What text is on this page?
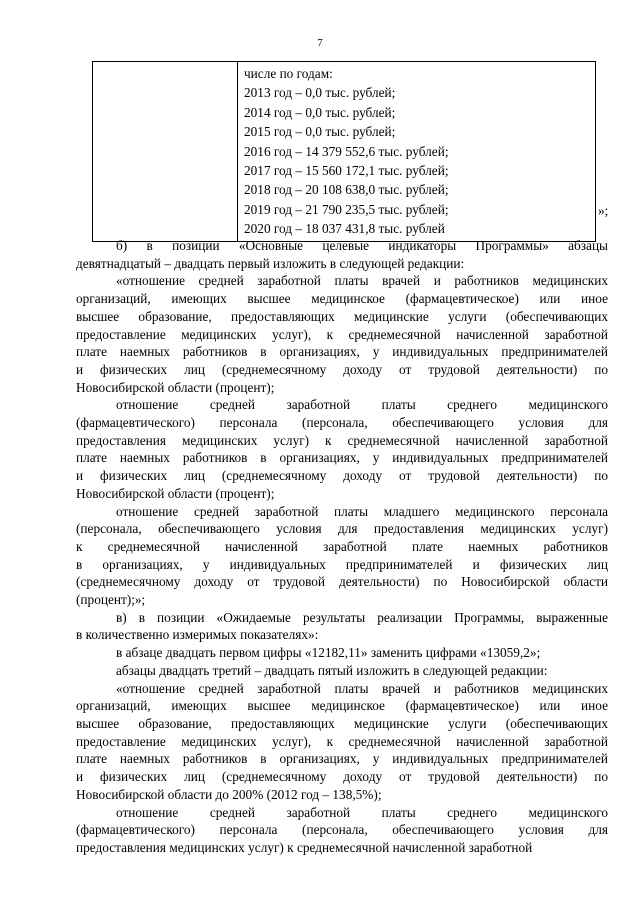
7

числе по годам:
2013 год – 0,0 тыс. рублей;
2014 год – 0,0 тыс. рублей;
2015 год – 0,0 тыс. рублей;
2016 год – 14 379 552,6 тыс. рублей;
2017 год – 15 560 172,1 тыс. рублей;
2018 год – 20 108 638,0 тыс. рублей;
2019 год – 21 790 235,5 тыс. рублей;
2020 год – 18 037 431,8 тыс. рублей
»;

б) в позиции «Основные целевые индикаторы Программы» абзацы
девятнадцатый – двадцать первый изложить в следующей редакции:

«отношение средней заработной платы врачей и работников медицинских
организаций, имеющих высшее медицинское (фармацевтическое) или иное
высшее образование, предоставляющих медицинские услуги (обеспечивающих
предоставление медицинских услуг), к среднемесячной начисленной заработной
плате наемных работников в организациях, у индивидуальных предпринимателей
и физических лиц (среднемесячному доходу от трудовой деятельности) по
Новосибирской области (процент);

отношение средней заработной платы среднего медицинского
(фармацевтического) персонала (персонала, обеспечивающего условия для
предоставления медицинских услуг) к среднемесячной начисленной заработной
плате наемных работников в организациях, у индивидуальных предпринимателей
и физических лиц (среднемесячному доходу от трудовой деятельности) по
Новосибирской области (процент);

отношение средней заработной платы младшего медицинского персонала
(персонала, обеспечивающего условия для предоставления медицинских услуг)
к среднемесячной начисленной заработной плате наемных работников
в организациях, у индивидуальных предпринимателей и физических лиц
(среднемесячному доходу от трудовой деятельности) по Новосибирской области
(процент);»;

в) в позиции «Ожидаемые результаты реализации Программы, выраженные
в количественно измеримых показателях»:

в абзаце двадцать первом цифры «12182,11» заменить цифрами «13059,2»;

абзацы двадцать третий – двадцать пятый изложить в следующей редакции:

«отношение средней заработной платы врачей и работников медицинских
организаций, имеющих высшее медицинское (фармацевтическое) или иное
высшее образование, предоставляющих медицинские услуги (обеспечивающих
предоставление медицинских услуг), к среднемесячной начисленной заработной
плате наемных работников в организациях, у индивидуальных предпринимателей
и физических лиц (среднемесячному доходу от трудовой деятельности) по
Новосибирской области до 200% (2012 год – 138,5%);

отношение средней заработной платы среднего медицинского
(фармацевтического) персонала (персонала, обеспечивающего условия для
предоставления медицинских услуг) к среднемесячной начисленной заработной
